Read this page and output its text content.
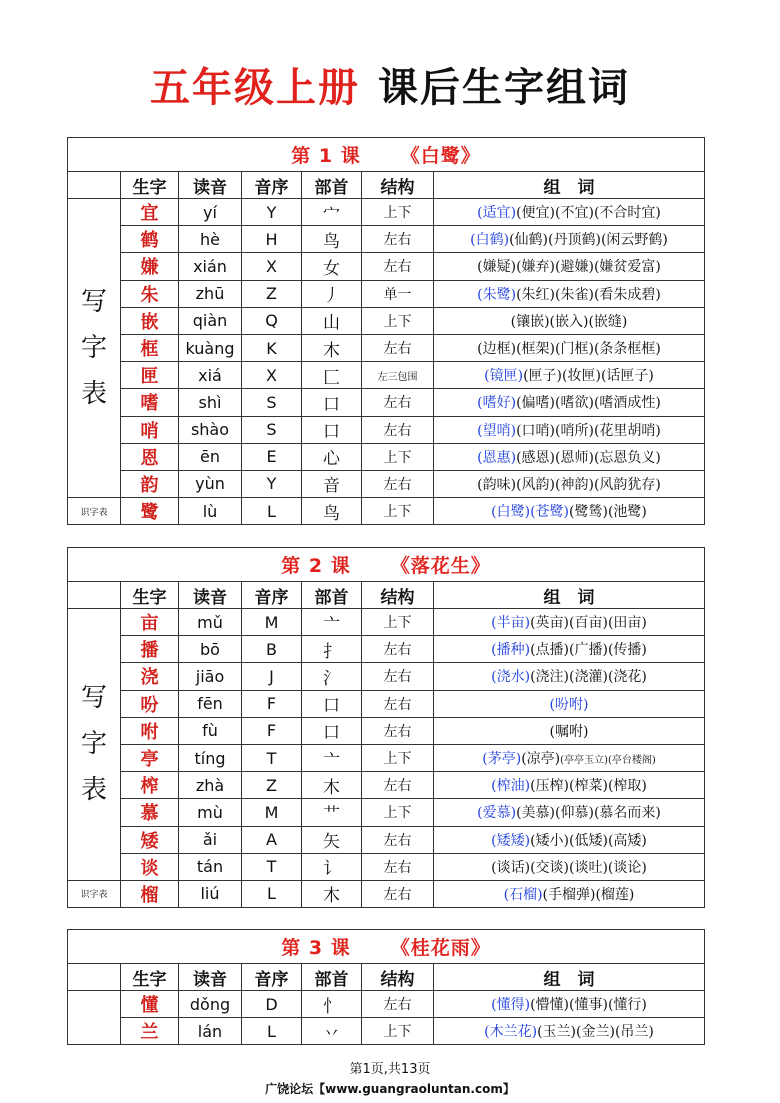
五年级上册 课后生字组词
第 1 课 《白鹭》						
	生字	读音	音序	部首	结构	组　词

写
字
表	宜	yí	Y	宀	上下	(适宜)(便宜)(不宜)(不合时宜)
	鹤	hè	H	鸟	左右	(白鹤)(仙鹤)(丹顶鹤)(闲云野鹤)
	嫌	xián	X	女	左右	(嫌疑)(嫌弃)(避嫌)(嫌贫爱富)
	朱	zhū	Z	丿	单一	(朱鹭)(朱红)(朱雀)(看朱成碧)
	嵌	qiàn	Q	山	上下	(镶嵌)(嵌入)(嵌缝)
	框	kuàng	K	木	左右	(边框)(框架)(门框)(条条框框)
	匣	xiá	X	匚	左三包围	(镜匣)(匣子)(妆匣)(话匣子)
	嗜	shì	S	口	左右	(嗜好)(偏嗜)(嗜欲)(嗜酒成性)
	哨	shào	S	口	左右	(望哨)(口哨)(哨所)(花里胡哨)
	恩	ēn	E	心	上下	(恩惠)(感恩)(恩师)(忘恩负义)
	韵	yùn	Y	音	左右	(韵味)(风韵)(神韵)(风韵犹存)
识字表	鹭	lù	L	鸟	上下	(白鹭)(苍鹭)(鹭鸶)(池鹭)
第 2 课 《落花生》						
	生字	读音	音序	部首	结构	组　词

写
字
表	亩	mǔ	M	亠	上下	(半亩)(英亩)(百亩)(田亩)
	播	bō	B	扌	左右	(播种)(点播)(广播)(传播)
	浇	jiāo	J	氵	左右	(浇水)(浇注)(浇灌)(浇花)
	吩	fēn	F	口	左右	(吩咐)
	咐	fù	F	口	左右	(嘱咐)
	亭	tíng	T	亠	上下	(茅亭)(凉亭)(亭亭玉立)(亭台楼阁)
	榨	zhà	Z	木	左右	(榨油)(压榨)(榨菜)(榨取)
	慕	mù	M	艹	上下	(爱慕)(美慕)(仰慕)(慕名而来)
	矮	ǎi	A	矢	左右	(矮矮)(矮小)(低矮)(高矮)
	谈	tán	T	讠	左右	(谈话)(交谈)(谈吐)(谈论)
识字表	榴	liú	L	木	左右	(石榴)(手榴弹)(榴莲)
第 3 课 《桂花雨》						
	生字	读音	音序	部首	结构	组　词
	懂	dǒng	D	忄	左右	(懂得)(懵懂)(懂事)(懂行)
	兰	lán	L	丷	上下	(木兰花)(玉兰)(金兰)(吊兰)
第1页,共13页
广饶论坛【www.guangraoluntan.com】
